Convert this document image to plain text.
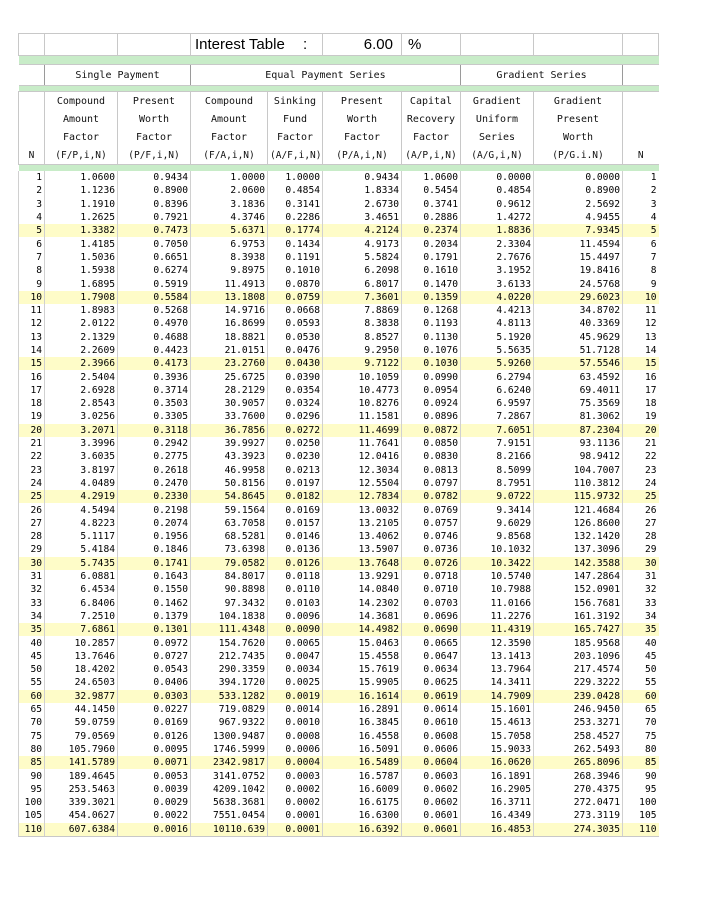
			Interest Table :		6.00	%			

	Single Payment		Equal Payment Series				Gradient Series		

	Compound	Present	Compound	Sinking	Present	Capital	Gradient	Gradient	
	Amount	Worth	Amount	Fund	Worth	Recovery	Uniform	Present	
	Factor	Factor	Factor	Factor	Factor	Factor	Series	Worth	
N	(F/P,i,N)	(P/F,i,N)	(F/A,i,N)	(A/F,i,N)	(P/A,i,N)	(A/P,i,N)	(A/G,i,N)	(P/G.i.N)	N

1	1.0600	0.9434	1.0000	1.0000	0.9434	1.0600	0.0000	0.0000	1
2	1.1236	0.8900	2.0600	0.4854	1.8334	0.5454	0.4854	0.8900	2
3	1.1910	0.8396	3.1836	0.3141	2.6730	0.3741	0.9612	2.5692	3
4	1.2625	0.7921	4.3746	0.2286	3.4651	0.2886	1.4272	4.9455	4
5	1.3382	0.7473	5.6371	0.1774	4.2124	0.2374	1.8836	7.9345	5
6	1.4185	0.7050	6.9753	0.1434	4.9173	0.2034	2.3304	11.4594	6
7	1.5036	0.6651	8.3938	0.1191	5.5824	0.1791	2.7676	15.4497	7
8	1.5938	0.6274	9.8975	0.1010	6.2098	0.1610	3.1952	19.8416	8
9	1.6895	0.5919	11.4913	0.0870	6.8017	0.1470	3.6133	24.5768	9
10	1.7908	0.5584	13.1808	0.0759	7.3601	0.1359	4.0220	29.6023	10
11	1.8983	0.5268	14.9716	0.0668	7.8869	0.1268	4.4213	34.8702	11
12	2.0122	0.4970	16.8699	0.0593	8.3838	0.1193	4.8113	40.3369	12
13	2.1329	0.4688	18.8821	0.0530	8.8527	0.1130	5.1920	45.9629	13
14	2.2609	0.4423	21.0151	0.0476	9.2950	0.1076	5.5635	51.7128	14
15	2.3966	0.4173	23.2760	0.0430	9.7122	0.1030	5.9260	57.5546	15
16	2.5404	0.3936	25.6725	0.0390	10.1059	0.0990	6.2794	63.4592	16
17	2.6928	0.3714	28.2129	0.0354	10.4773	0.0954	6.6240	69.4011	17
18	2.8543	0.3503	30.9057	0.0324	10.8276	0.0924	6.9597	75.3569	18
19	3.0256	0.3305	33.7600	0.0296	11.1581	0.0896	7.2867	81.3062	19
20	3.2071	0.3118	36.7856	0.0272	11.4699	0.0872	7.6051	87.2304	20
21	3.3996	0.2942	39.9927	0.0250	11.7641	0.0850	7.9151	93.1136	21
22	3.6035	0.2775	43.3923	0.0230	12.0416	0.0830	8.2166	98.9412	22
23	3.8197	0.2618	46.9958	0.0213	12.3034	0.0813	8.5099	104.7007	23
24	4.0489	0.2470	50.8156	0.0197	12.5504	0.0797	8.7951	110.3812	24
25	4.2919	0.2330	54.8645	0.0182	12.7834	0.0782	9.0722	115.9732	25
26	4.5494	0.2198	59.1564	0.0169	13.0032	0.0769	9.3414	121.4684	26
27	4.8223	0.2074	63.7058	0.0157	13.2105	0.0757	9.6029	126.8600	27
28	5.1117	0.1956	68.5281	0.0146	13.4062	0.0746	9.8568	132.1420	28
29	5.4184	0.1846	73.6398	0.0136	13.5907	0.0736	10.1032	137.3096	29
30	5.7435	0.1741	79.0582	0.0126	13.7648	0.0726	10.3422	142.3588	30
31	6.0881	0.1643	84.8017	0.0118	13.9291	0.0718	10.5740	147.2864	31
32	6.4534	0.1550	90.8898	0.0110	14.0840	0.0710	10.7988	152.0901	32
33	6.8406	0.1462	97.3432	0.0103	14.2302	0.0703	11.0166	156.7681	33
34	7.2510	0.1379	104.1838	0.0096	14.3681	0.0696	11.2276	161.3192	34
35	7.6861	0.1301	111.4348	0.0090	14.4982	0.0690	11.4319	165.7427	35
40	10.2857	0.0972	154.7620	0.0065	15.0463	0.0665	12.3590	185.9568	40
45	13.7646	0.0727	212.7435	0.0047	15.4558	0.0647	13.1413	203.1096	45
50	18.4202	0.0543	290.3359	0.0034	15.7619	0.0634	13.7964	217.4574	50
55	24.6503	0.0406	394.1720	0.0025	15.9905	0.0625	14.3411	229.3222	55
60	32.9877	0.0303	533.1282	0.0019	16.1614	0.0619	14.7909	239.0428	60
65	44.1450	0.0227	719.0829	0.0014	16.2891	0.0614	15.1601	246.9450	65
70	59.0759	0.0169	967.9322	0.0010	16.3845	0.0610	15.4613	253.3271	70
75	79.0569	0.0126	1300.9487	0.0008	16.4558	0.0608	15.7058	258.4527	75
80	105.7960	0.0095	1746.5999	0.0006	16.5091	0.0606	15.9033	262.5493	80
85	141.5789	0.0071	2342.9817	0.0004	16.5489	0.0604	16.0620	265.8096	85
90	189.4645	0.0053	3141.0752	0.0003	16.5787	0.0603	16.1891	268.3946	90
95	253.5463	0.0039	4209.1042	0.0002	16.6009	0.0602	16.2905	270.4375	95
100	339.3021	0.0029	5638.3681	0.0002	16.6175	0.0602	16.3711	272.0471	100
105	454.0627	0.0022	7551.0454	0.0001	16.6300	0.0601	16.4349	273.3119	105
110	607.6384	0.0016	10110.639	0.0001	16.6392	0.0601	16.4853	274.3035	110
